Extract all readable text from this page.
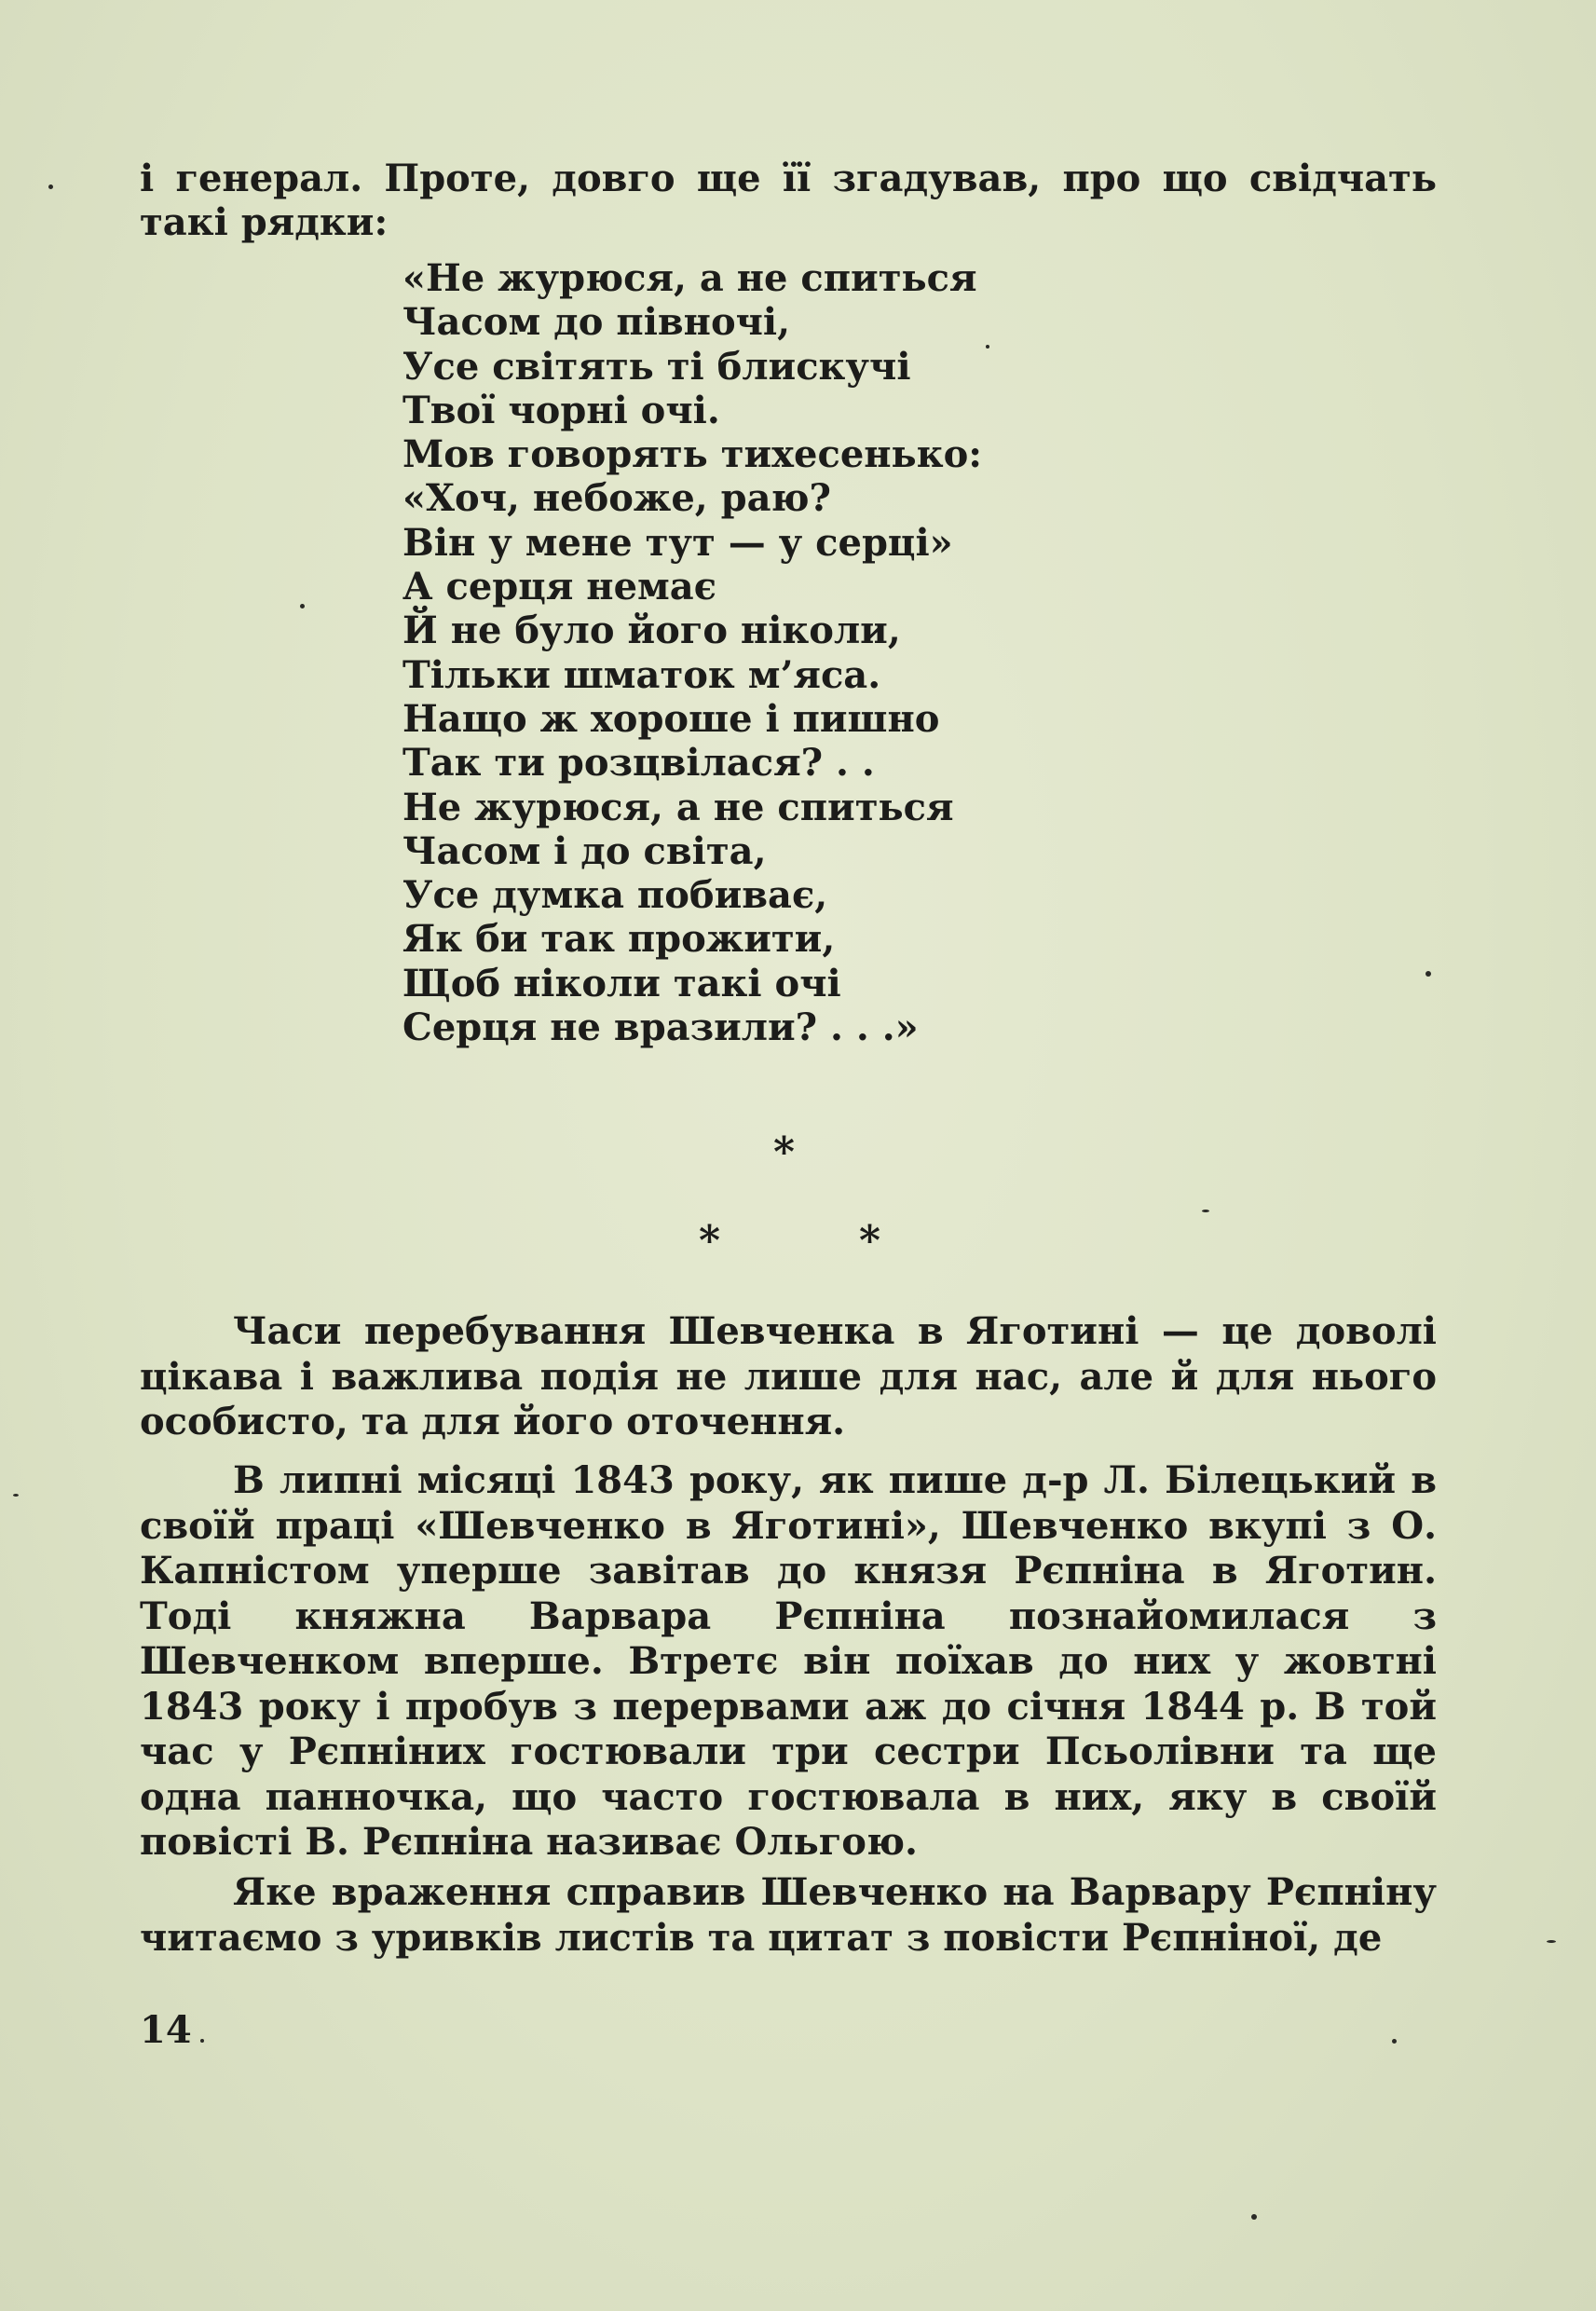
і генерал. Проте, довго ще її згадував, про що свідчать такі рядки:
«Не журюся, а не спиться
Часом до півночі,
Усе світять ті блискучі
Твої чорні очі.
Мов говорять тихесенько:
«Хоч, небоже, раю?
Він у мене тут — у серці»
А серця немає
Й не було його ніколи,
Тільки шматок м’яса.
Нащо ж хороше і пишно
Так ти розцвілася? . .
Не журюся, а не спиться
Часом і до світа,
Усе думка побиває,
Як би так прожити,
Щоб ніколи такі очі
Серця не вразили? . . .»
*
*	*

Часи перебування Шевченка в Яготині — це доволі цікава і важлива подія не лише для нас, але й для нього особисто, та для його оточення.

В липні місяці 1843 року, як пише д-р Л. Білецький в своїй праці «Шевченко в Яготині», Шевченко вкупі з О. Капністом уперше завітав до князя Рєпніна в Яготин. Тоді княжна Варвара Рєпніна познайомилася з Шевченком вперше. Втретє він поїхав до них у жовтні 1843 року і пробув з перервами аж до січня 1844 р. В той час у Рєпніних гостювали три сестри Псьолівни та ще одна панночка, що часто гостювала в них, яку в своїй повісті В. Рєпніна називає Ольгою.

Яке враження справив Шевченко на Варвару Рєпніну читаємо з уривків листів та цитат з повісти Рєпніної, де

14
